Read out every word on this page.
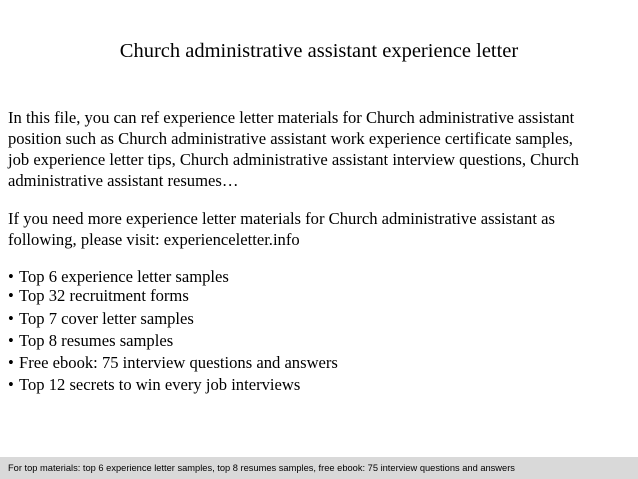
Church administrative assistant experience letter

In this file, you can ref experience letter materials for Church administrative assistant
position such as Church administrative assistant work experience certificate samples,
job experience letter tips, Church administrative assistant interview questions, Church
administrative assistant resumes…

If you need more experience letter materials for Church administrative assistant as
following, please visit: experienceletter.info

• Top 6 experience letter samples
• Top 32 recruitment forms
• Top 7 cover letter samples
• Top 8 resumes samples
• Free ebook: 75 interview questions and answers
• Top 12 secrets to win every job interviews
For top materials: top 6 experience letter samples, top 8 resumes samples, free ebook: 75 interview questions and answers
